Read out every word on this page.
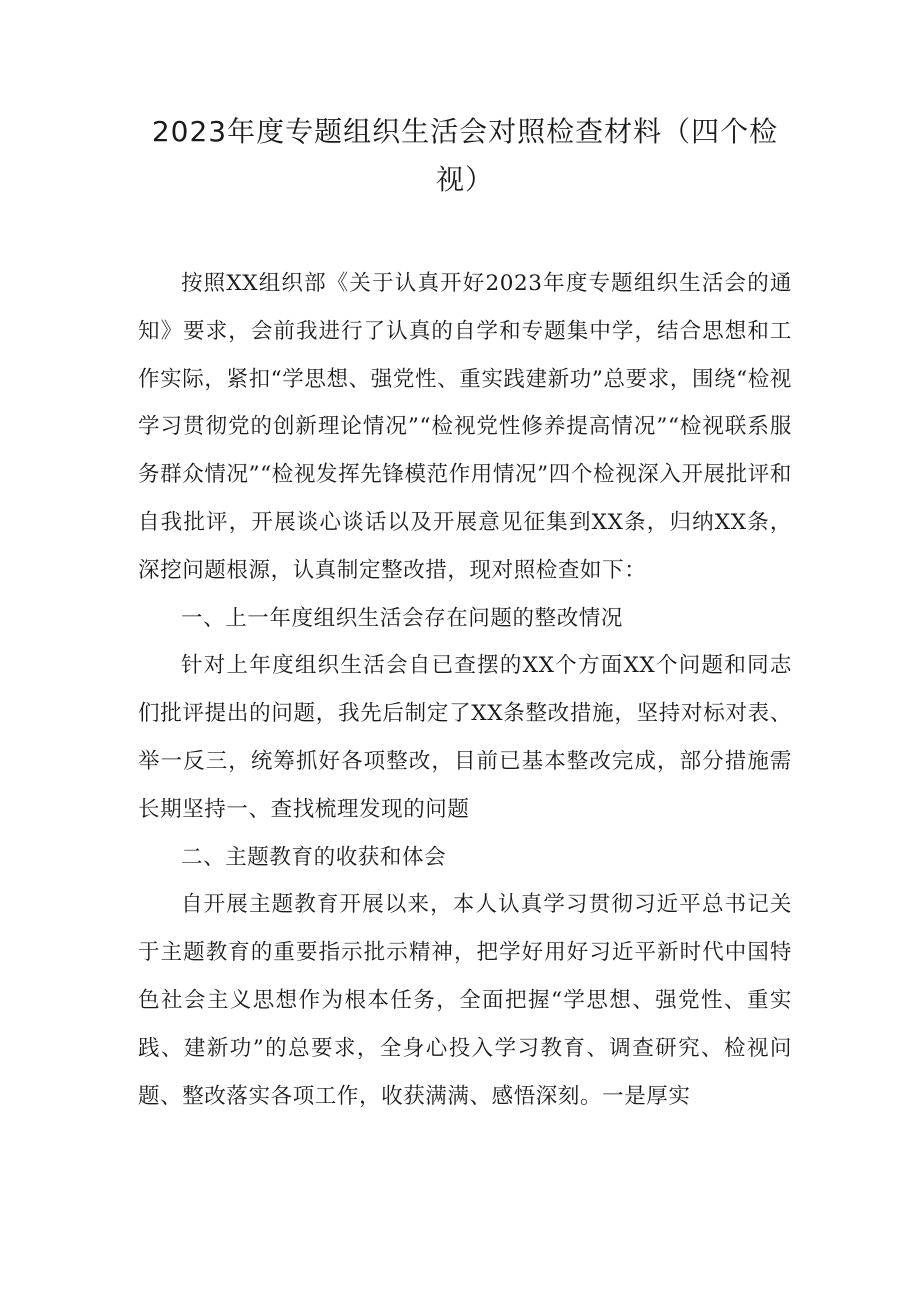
2023年度专题组织生活会对照检查材料（四个检视）

按照XX组织部《关于认真开好2023年度专题组织生活会的通知》要求，会前我进行了认真的自学和专题集中学，结合思想和工作实际，紧扣“学思想、强党性、重实践建新功”总要求，围绕“检视学习贯彻党的创新理论情况”“检视党性修养提高情况”“检视联系服务群众情况”“检视发挥先锋模范作用情况”四个检视深入开展批评和自我批评，开展谈心谈话以及开展意见征集到XX条，归纳XX条，深挖问题根源，认真制定整改措，现对照检查如下：

一、上一年度组织生活会存在问题的整改情况

针对上年度组织生活会自已查摆的XX个方面XX个问题和同志们批评提出的问题，我先后制定了XX条整改措施，坚持对标对表、举一反三，统筹抓好各项整改，目前已基本整改完成，部分措施需长期坚持一、查找梳理发现的问题

二、主题教育的收获和体会

自开展主题教育开展以来，本人认真学习贯彻习近平总书记关于主题教育的重要指示批示精神，把学好用好习近平新时代中国特色社会主义思想作为根本任务，全面把握“学思想、强党性、重实践、建新功”的总要求，全身心投入学习教育、调查研究、检视问题、整改落实各项工作，收获满满、感悟深刻。一是厚实
